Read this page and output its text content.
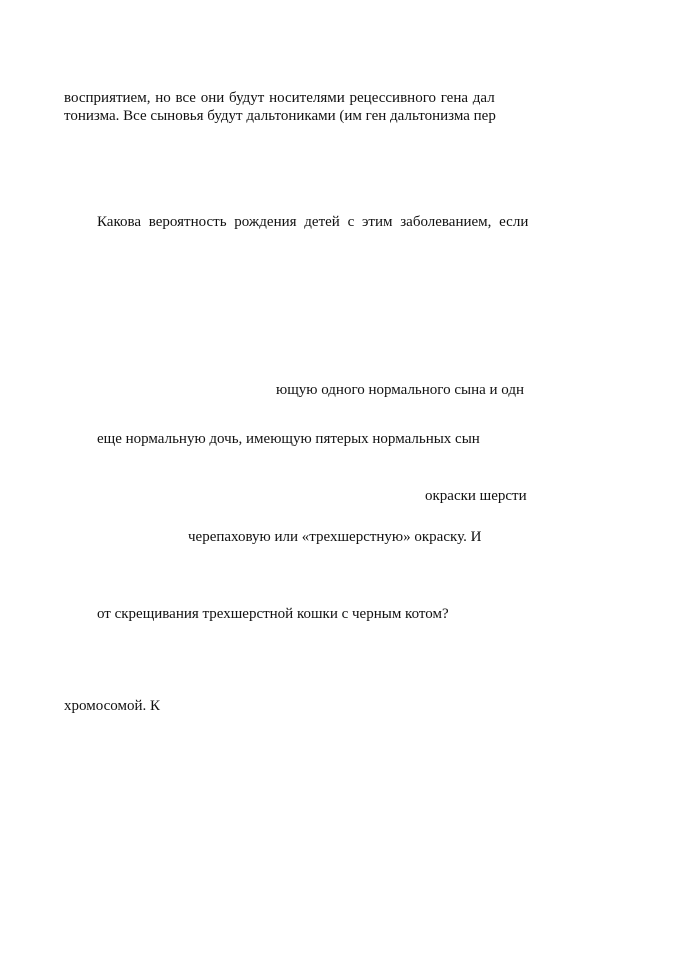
восприятием, но все они будут носителями рецессивного гена дал

тонизма. Все сыновья будут дальтониками (им ген дальтонизма пер

Какова вероятность рождения детей с этим заболеванием, если

ющую одного нормального сына и одн

еще нормальную дочь, имеющую пятерых нормальных сын

окраски шерсти

черепаховую или «трехшерстную» окраску. И

от скрещивания трехшерстной кошки с черным котом?

хромосомой. К
